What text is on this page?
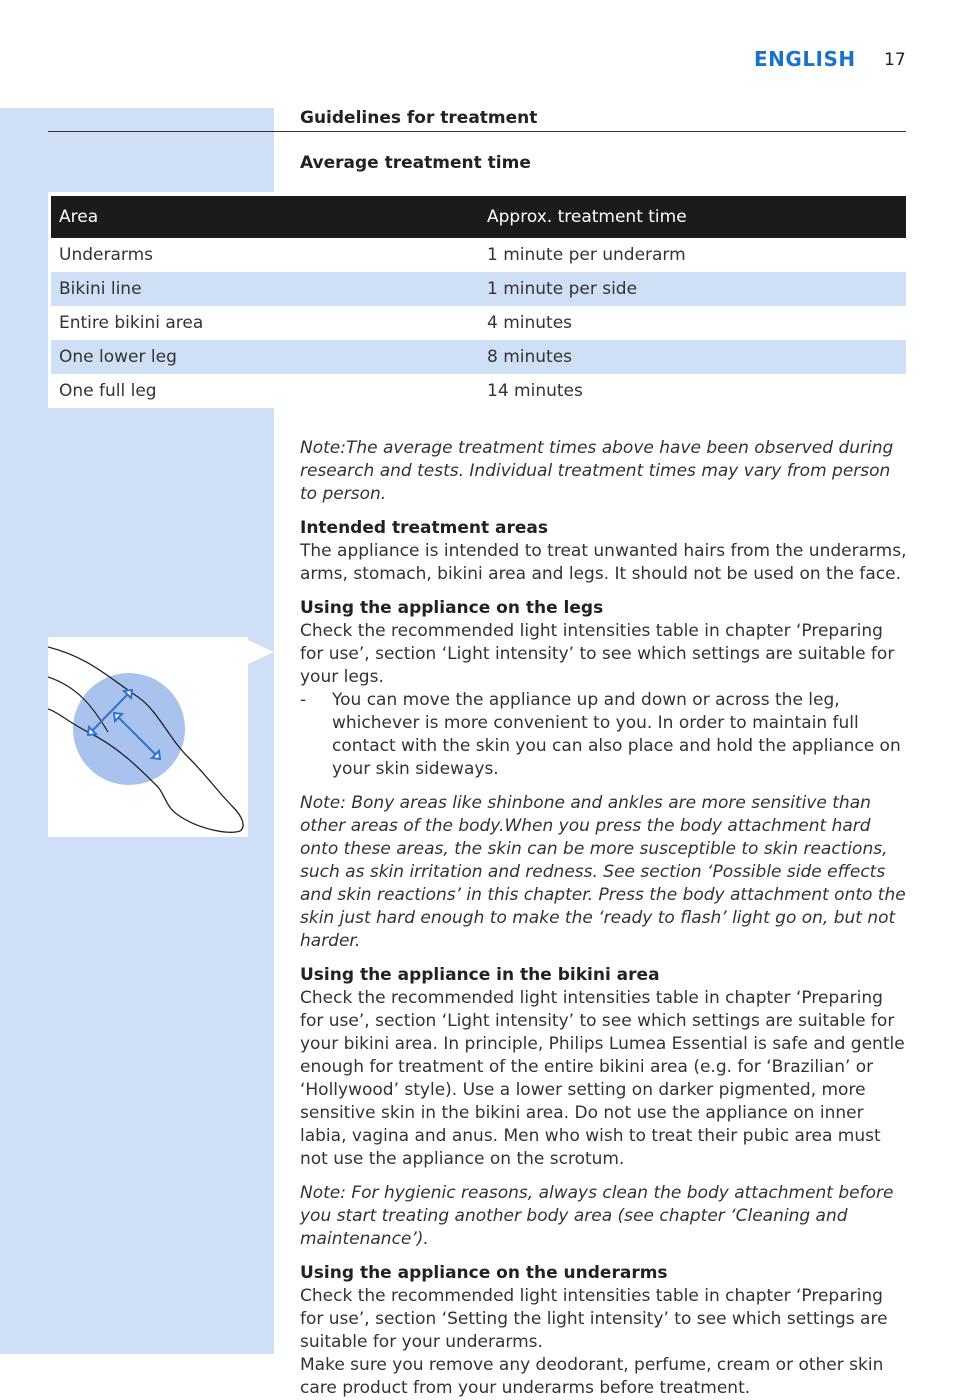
ENGLISH 17
Guidelines for treatment
Average treatment time
Area	Approx. treatment time
Underarms	1 minute per underarm
Bikini line	1 minute per side
Entire bikini area	4 minutes
One lower leg	8 minutes
One full leg	14 minutes

Note:The average treatment times above have been observed during research and tests. Individual treatment times may vary from person to person.

Intended treatment areas

The appliance is intended to treat unwanted hairs from the underarms, arms, stomach, bikini area and legs. It should not be used on the face.

Using the appliance on the legs

Check the recommended light intensities table in chapter ‘Preparing for use’, section ‘Light intensity’ to see which settings are suitable for your legs.

-	You can move the appliance up and down or across the leg, whichever is more convenient to you. In order to maintain full contact with the skin you can also place and hold the appliance on your skin sideways.

Note: Bony areas like shinbone and ankles are more sensitive than other areas of the body.When you press the body attachment hard onto these areas, the skin can be more susceptible to skin reactions, such as skin irritation and redness. See section ‘Possible side effects and skin reactions’ in this chapter. Press the body attachment onto the skin just hard enough to make the ‘ready to flash’ light go on, but not harder.

Using the appliance in the bikini area

Check the recommended light intensities table in chapter ‘Preparing for use’, section ‘Light intensity’ to see which settings are suitable for your bikini area. In principle, Philips Lumea Essential is safe and gentle enough for treatment of the entire bikini area (e.g. for ‘Brazilian’ or ‘Hollywood’ style). Use a lower setting on darker pigmented, more sensitive skin in the bikini area. Do not use the appliance on inner labia, vagina and anus. Men who wish to treat their pubic area must not use the appliance on the scrotum.

Note: For hygienic reasons, always clean the body attachment before you start treating another body area (see chapter ‘Cleaning and maintenance’).

Using the appliance on the underarms

Check the recommended light intensities table in chapter ‘Preparing for use’, section ‘Setting the light intensity’ to see which settings are suitable for your underarms.

Make sure you remove any deodorant, perfume, cream or other skin care product from your underarms before treatment.
